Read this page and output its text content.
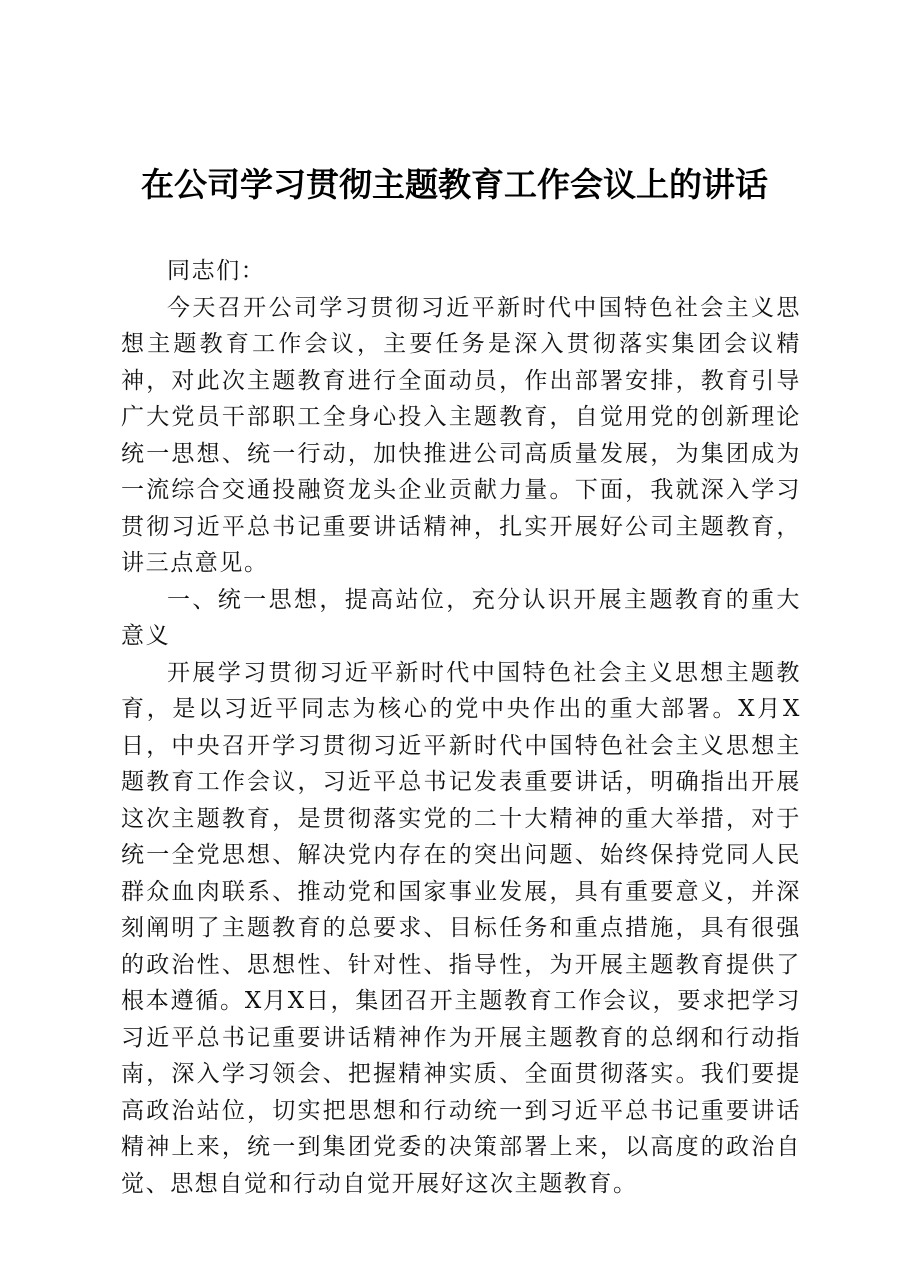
在公司学习贯彻主题教育工作会议上的讲话

同志们：

今天召开公司学习贯彻习近平新时代中国特色社会主义思想主题教育工作会议，主要任务是深入贯彻落实集团会议精神，对此次主题教育进行全面动员，作出部署安排，教育引导广大党员干部职工全身心投入主题教育，自觉用党的创新理论统一思想、统一行动，加快推进公司高质量发展，为集团成为一流综合交通投融资龙头企业贡献力量。下面，我就深入学习贯彻习近平总书记重要讲话精神，扎实开展好公司主题教育，讲三点意见。

一、统一思想，提高站位，充分认识开展主题教育的重大意义

开展学习贯彻习近平新时代中国特色社会主义思想主题教育，是以习近平同志为核心的党中央作出的重大部署。X月X日，中央召开学习贯彻习近平新时代中国特色社会主义思想主题教育工作会议，习近平总书记发表重要讲话，明确指出开展这次主题教育，是贯彻落实党的二十大精神的重大举措，对于统一全党思想、解决党内存在的突出问题、始终保持党同人民群众血肉联系、推动党和国家事业发展，具有重要意义，并深刻阐明了主题教育的总要求、目标任务和重点措施，具有很强的政治性、思想性、针对性、指导性，为开展主题教育提供了根本遵循。X月X日，集团召开主题教育工作会议，要求把学习习近平总书记重要讲话精神作为开展主题教育的总纲和行动指南，深入学习领会、把握精神实质、全面贯彻落实。我们要提高政治站位，切实把思想和行动统一到习近平总书记重要讲话精神上来，统一到集团党委的决策部署上来，以高度的政治自觉、思想自觉和行动自觉开展好这次主题教育。
